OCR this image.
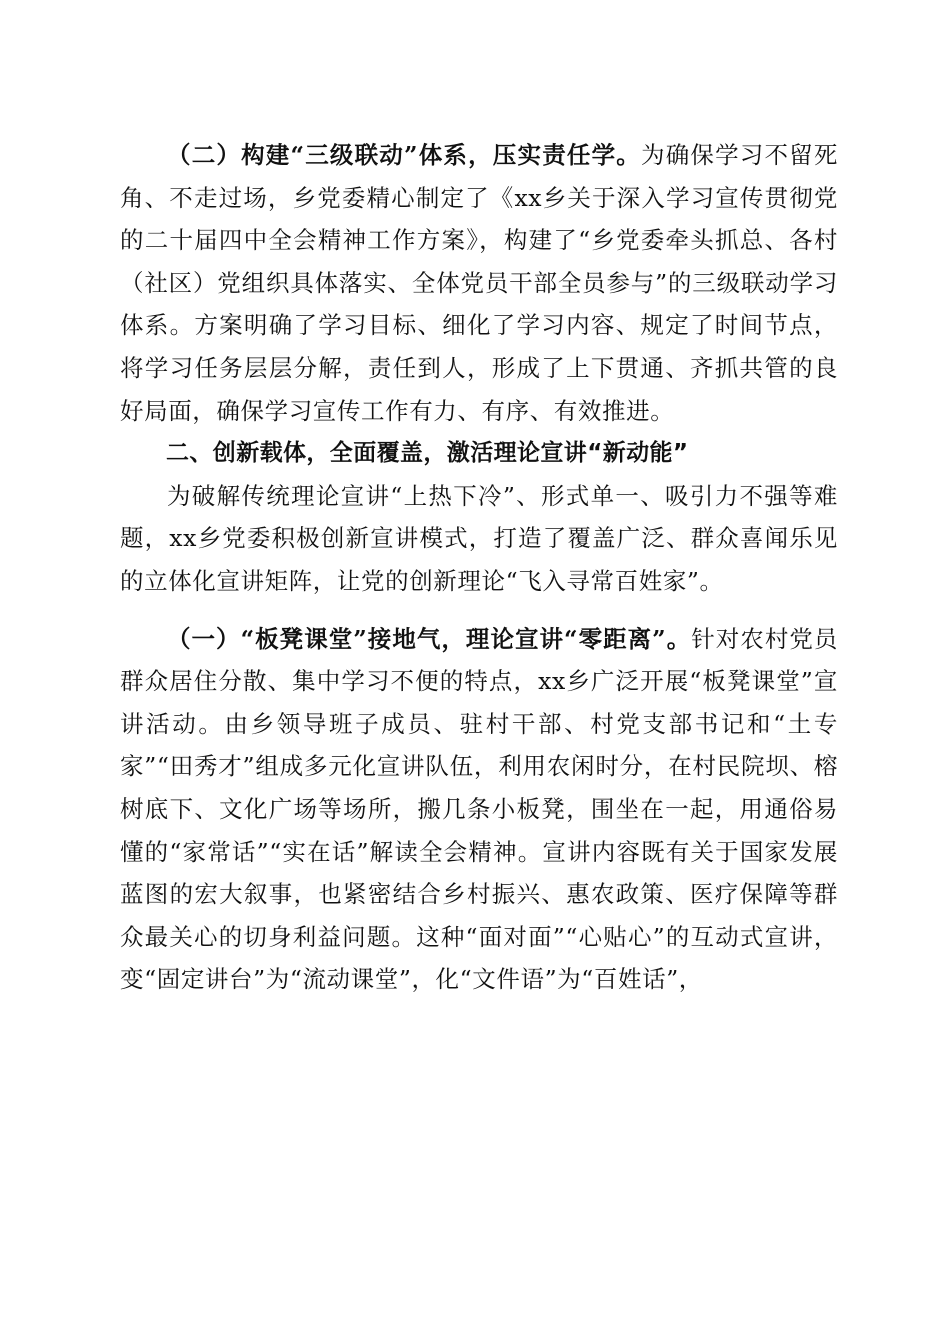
（二）构建“三级联动”体系，压实责任学。为确保学习不留死角、不走过场，乡党委精心制定了《xx乡关于深入学习宣传贯彻党的二十届四中全会精神工作方案》，构建了“乡党委牵头抓总、各村（社区）党组织具体落实、全体党员干部全员参与”的三级联动学习体系。方案明确了学习目标、细化了学习内容、规定了时间节点，将学习任务层层分解，责任到人，形成了上下贯通、齐抓共管的良好局面，确保学习宣传工作有力、有序、有效推进。

二、创新载体，全面覆盖，激活理论宣讲“新动能”

为破解传统理论宣讲“上热下冷”、形式单一、吸引力不强等难题，xx乡党委积极创新宣讲模式，打造了覆盖广泛、群众喜闻乐见的立体化宣讲矩阵，让党的创新理论“飞入寻常百姓家”。

（一）“板凳课堂”接地气，理论宣讲“零距离”。针对农村党员群众居住分散、集中学习不便的特点，xx乡广泛开展“板凳课堂”宣讲活动。由乡领导班子成员、驻村干部、村党支部书记和“土专家”“田秀才”组成多元化宣讲队伍，利用农闲时分，在村民院坝、榕树底下、文化广场等场所，搬几条小板凳，围坐在一起，用通俗易懂的“家常话”“实在话”解读全会精神。宣讲内容既有关于国家发展蓝图的宏大叙事，也紧密结合乡村振兴、惠农政策、医疗保障等群众最关心的切身利益问题。这种“面对面”“心贴心”的互动式宣讲，变“固定讲台”为“流动课堂”，化“文件语”为“百姓话”，
